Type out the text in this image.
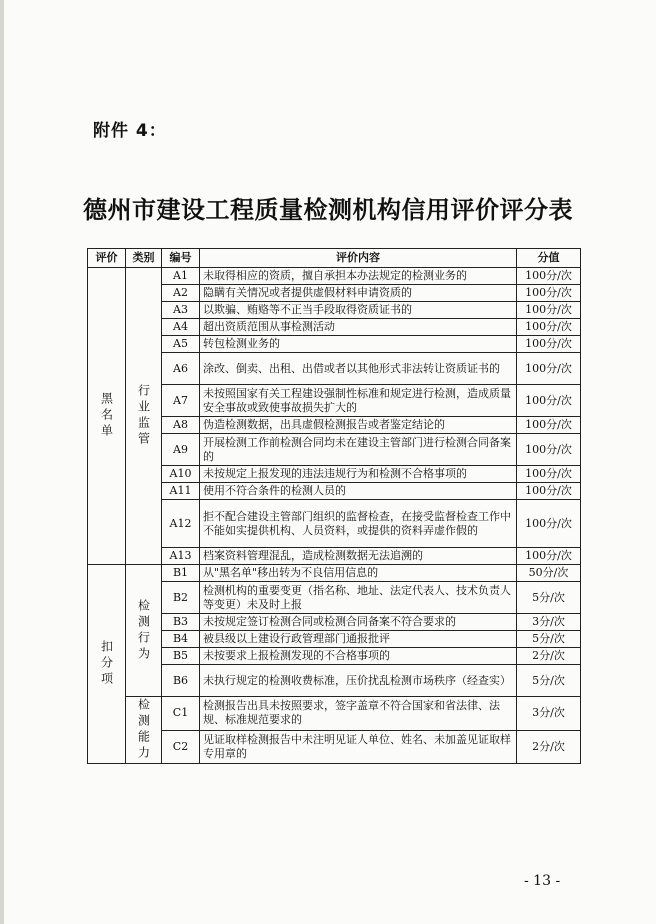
附件 4：
德州市建设工程质量检测机构信用评价评分表
评价	类别	编号	评价内容	分值

黑名单	行业监管	A1	未取得相应的资质，擅自承担本办法规定的检测业务的	100分/次
		A2	隐瞒有关情况或者提供虚假材料申请资质的	100分/次
		A3	以欺骗、贿赂等不正当手段取得资质证书的	100分/次
		A4	超出资质范围从事检测活动	100分/次
		A5	转包检测业务的	100分/次
		A6	涂改、倒卖、出租、出借或者以其他形式非法转让资质证书的	100分/次
		A7	未按照国家有关工程建设强制性标准和规定进行检测，造成质量安全事故或致使事故损失扩大的	100分/次
		A8	伪造检测数据，出具虚假检测报告或者鉴定结论的	100分/次
		A9	开展检测工作前检测合同均未在建设主管部门进行检测合同备案的	100分/次
		A10	未按规定上报发现的违法违规行为和检测不合格事项的	100分/次
		A11	使用不符合条件的检测人员的	100分/次
		A12	拒不配合建设主管部门组织的监督检查，在接受监督检查工作中不能如实提供机构、人员资料，或提供的资料弄虚作假的	100分/次
		A13	档案资料管理混乱，造成检测数据无法追溯的	100分/次

扣分项	检测行为	B1	从"黑名单"移出转为不良信用信息的	50分/次
		B2	检测机构的重要变更（指名称、地址、法定代表人、技术负责人等变更）未及时上报	5分/次
		B3	未按规定签订检测合同或检测合同备案不符合要求的	3分/次
		B4	被县级以上建设行政管理部门通报批评	5分/次
		B5	未按要求上报检测发现的不合格事项的	2分/次
		B6	未执行规定的检测收费标准，压价扰乱检测市场秩序（经查实）	5分/次

	检测能力	C1	检测报告出具未按照要求，签字盖章不符合国家和省法律、法规、标准规范要求的	3分/次
		C2	见证取样检测报告中未注明见证人单位、姓名、未加盖见证取样专用章的	2分/次
- 13 -
